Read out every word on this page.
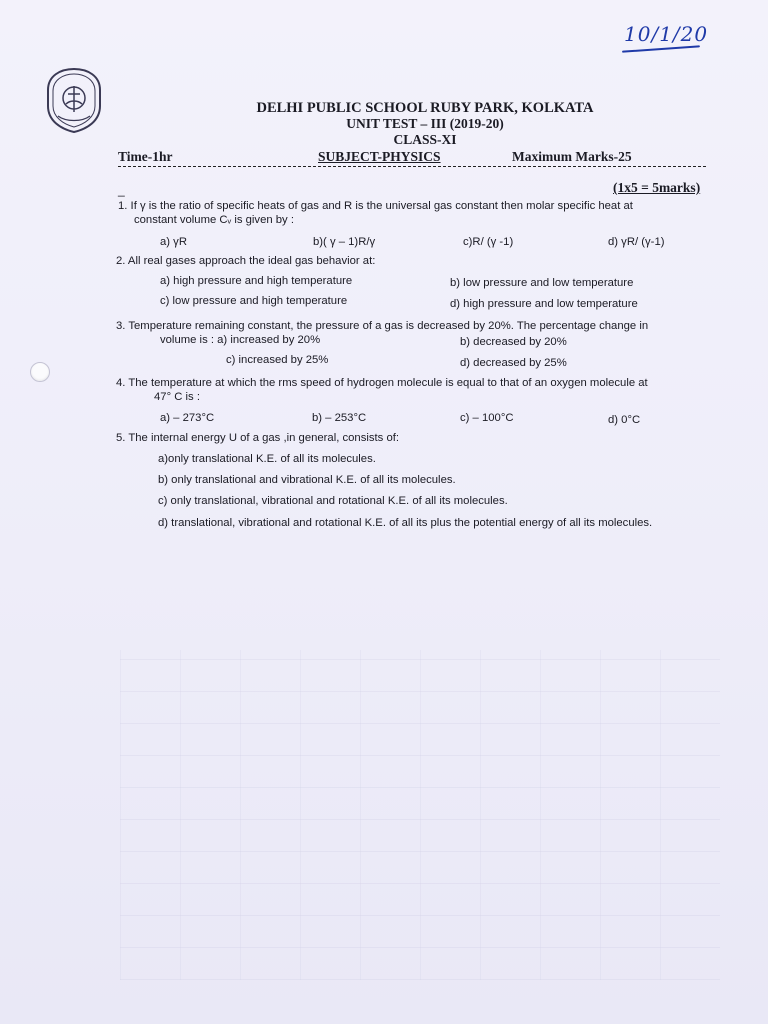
10/1/20
DELHI PUBLIC SCHOOL RUBY PARK, KOLKATA
UNIT TEST – III (2019-20)
CLASS-XI
Time-1hr	SUBJECT-PHYSICS	Maximum Marks-25
_	(1x5 = 5marks)
1. If γ is the ratio of specific heats of gas and R is the universal gas constant then molar specific heat at
constant volume Cᵥ is given by :
a) γR	b)( γ – 1)R/γ	c)R/ (γ -1)	d) γR/ (γ-1)
2. All real gases approach the ideal gas behavior at:
a) high pressure and high temperature	b) low pressure and low temperature
c) low pressure and high temperature	d) high pressure and low temperature
3. Temperature remaining constant, the pressure of a gas is decreased by 20%. The percentage change in
volume is : a) increased by 20%	b) decreased by 20%
c) increased by 25%	d) decreased by 25%
4. The temperature at which the rms speed of hydrogen molecule is equal to that of an oxygen molecule at
47° C is :
a) – 273°C	b) – 253°C	c) – 100°C	d) 0°C
5. The internal energy U of a gas ,in general, consists of:
a)only translational K.E. of all its molecules.
b) only translational and vibrational K.E. of all its molecules.
c) only translational, vibrational and rotational K.E. of all its molecules.
d) translational, vibrational and rotational K.E. of all its plus the potential energy of all its molecules.
